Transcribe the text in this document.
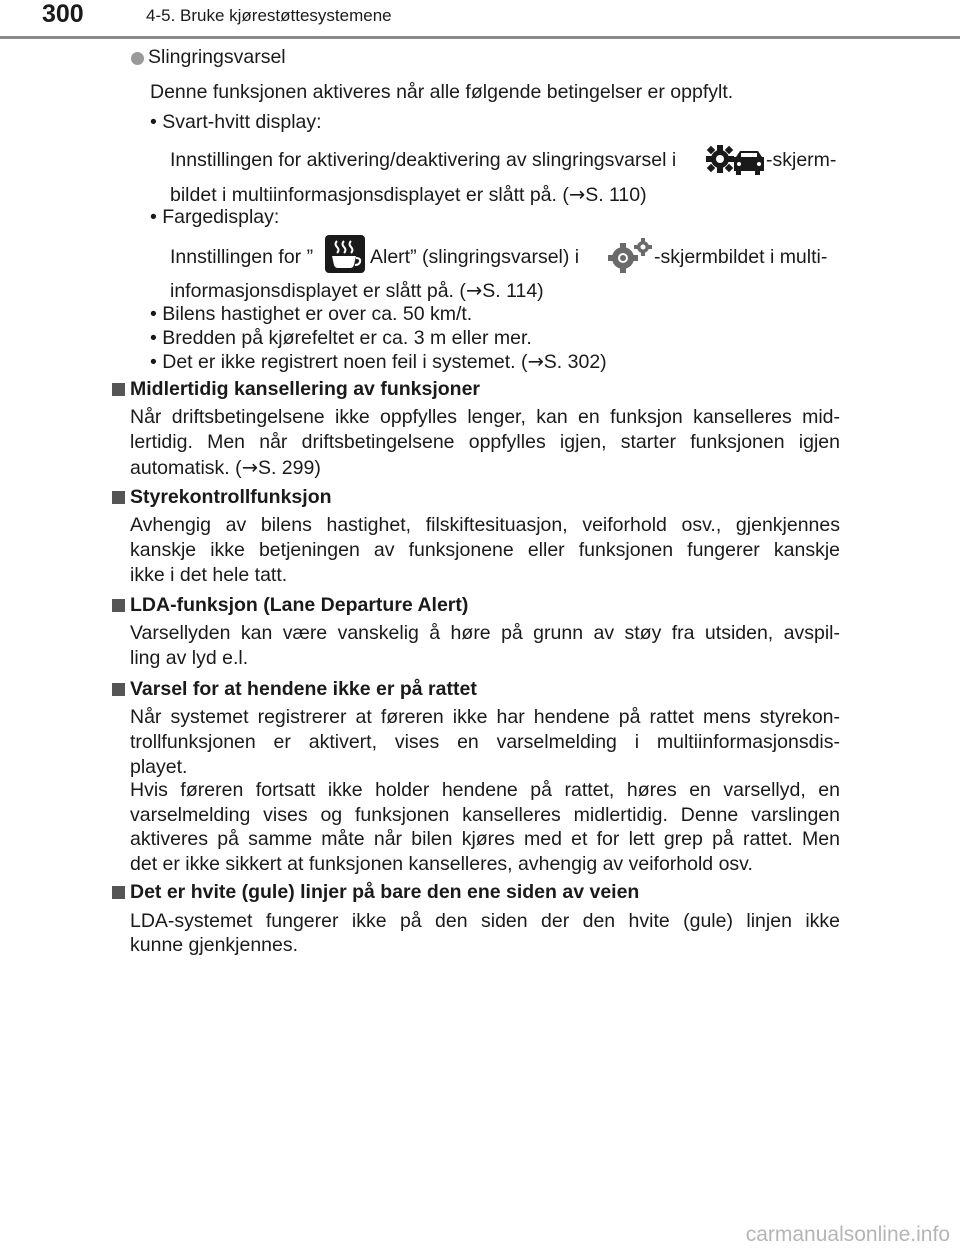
300	4-5. Bruke kjørestøttesystemene
Slingringsvarsel
Denne funksjonen aktiveres når alle følgende betingelser er oppfylt.
• Svart-hvitt display:
Innstillingen for aktivering/deaktivering av slingringsvarsel i	-skjerm-
bildet i multiinformasjonsdisplayet er slått på. (→S. 110)
• Fargedisplay:
Innstillingen for ”	Alert” (slingringsvarsel) i	-skjermbildet i multi-
informasjonsdisplayet er slått på. (→S. 114)
• Bilens hastighet er over ca. 50 km/t.
• Bredden på kjørefeltet er ca. 3 m eller mer.
• Det er ikke registrert noen feil i systemet. (→S. 302)
Midlertidig kansellering av funksjoner
Når driftsbetingelsene ikke oppfylles lenger, kan en funksjon kanselleres mid-
lertidig. Men når driftsbetingelsene oppfylles igjen, starter funksjonen igjen
automatisk. (→S. 299)
Styrekontrollfunksjon
Avhengig av bilens hastighet, filskiftesituasjon, veiforhold osv., gjenkjennes
kanskje ikke betjeningen av funksjonene eller funksjonen fungerer kanskje
ikke i det hele tatt.
LDA-funksjon (Lane Departure Alert)
Varsellyden kan være vanskelig å høre på grunn av støy fra utsiden, avspil-
ling av lyd e.l.
Varsel for at hendene ikke er på rattet
Når systemet registrerer at føreren ikke har hendene på rattet mens styrekon-
trollfunksjonen er aktivert, vises en varselmelding i multiinformasjonsdis-
playet.
Hvis føreren fortsatt ikke holder hendene på rattet, høres en varsellyd, en
varselmelding vises og funksjonen kanselleres midlertidig. Denne varslingen
aktiveres på samme måte når bilen kjøres med et for lett grep på rattet. Men
det er ikke sikkert at funksjonen kanselleres, avhengig av veiforhold osv.
Det er hvite (gule) linjer på bare den ene siden av veien
LDA-systemet fungerer ikke på den siden der den hvite (gule) linjen ikke
kunne gjenkjennes.
carmanualsonline.info
